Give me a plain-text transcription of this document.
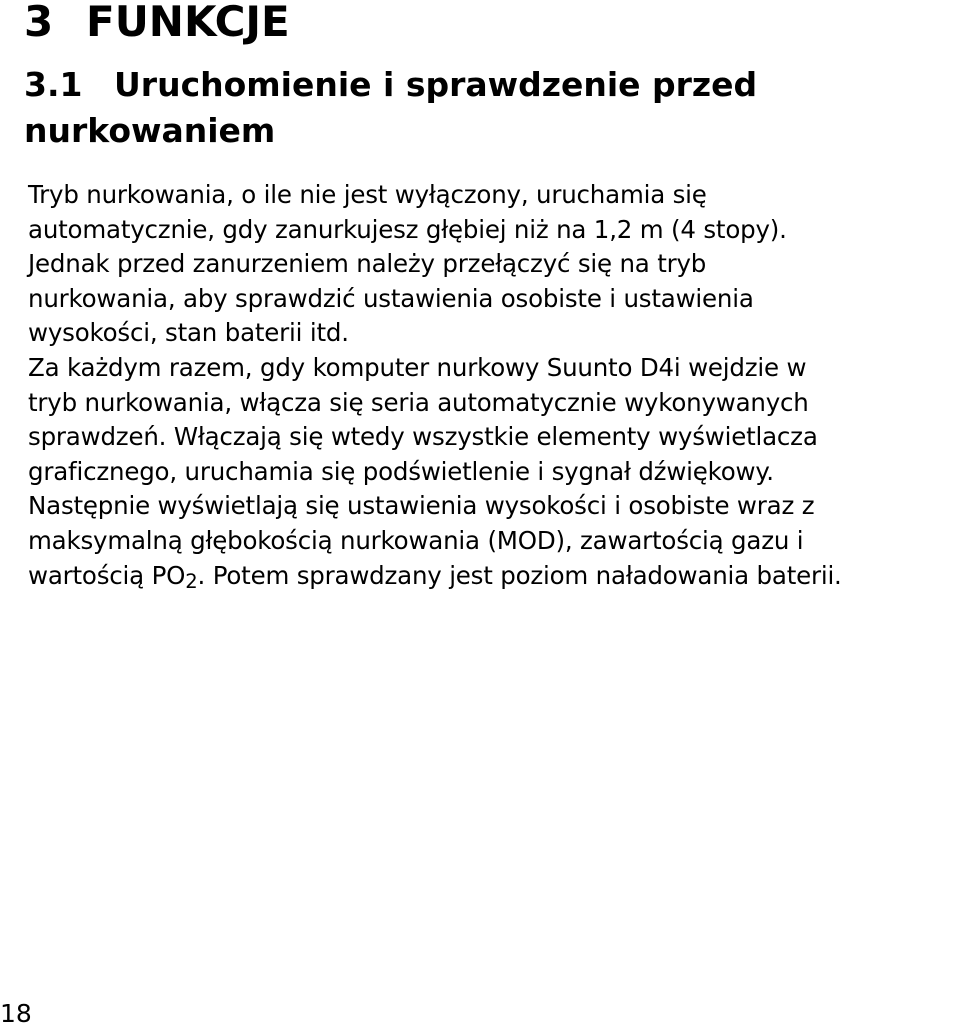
3 FUNKCJE
3.1 Uruchomienie i sprawdzenie przed nurkowaniem

Tryb nurkowania, o ile nie jest wyłączony, uruchamia się
automatycznie, gdy zanurkujesz głębiej niż na 1,2 m (4 stopy).
Jednak przed zanurzeniem należy przełączyć się na tryb
nurkowania, aby sprawdzić ustawienia osobiste i ustawienia
wysokości, stan baterii itd.

Za każdym razem, gdy komputer nurkowy Suunto D4i wejdzie w
tryb nurkowania, włącza się seria automatycznie wykonywanych
sprawdzeń. Włączają się wtedy wszystkie elementy wyświetlacza
graficznego, uruchamia się podświetlenie i sygnał dźwiękowy.
Następnie wyświetlają się ustawienia wysokości i osobiste wraz z
maksymalną głębokością nurkowania (MOD), zawartością gazu i
wartością $PO_2$. Potem sprawdzany jest poziom naładowania baterii.

18
